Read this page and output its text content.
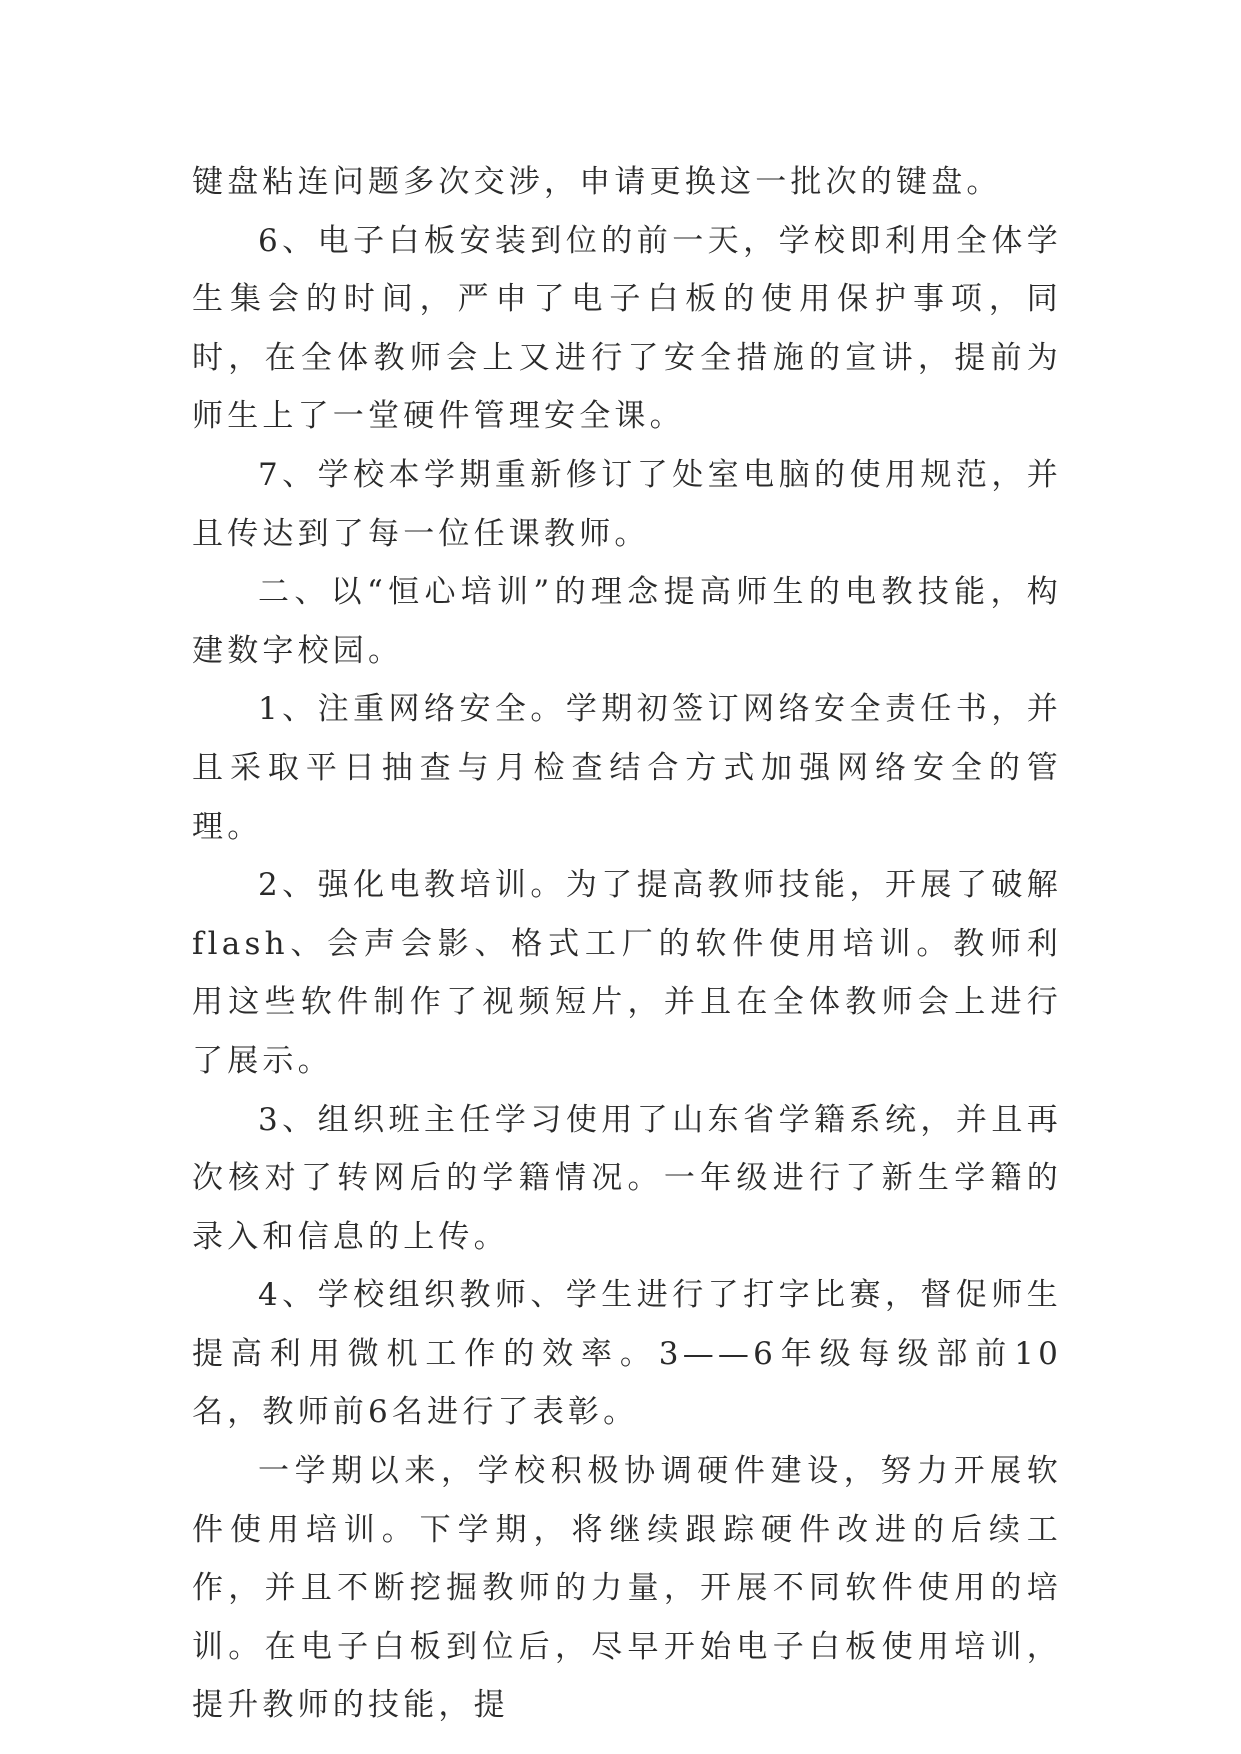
键盘粘连问题多次交涉，申请更换这一批次的键盘。

6、电子白板安装到位的前一天，学校即利用全体学生集会的时间，严申了电子白板的使用保护事项，同时，在全体教师会上又进行了安全措施的宣讲，提前为师生上了一堂硬件管理安全课。

7、学校本学期重新修订了处室电脑的使用规范，并且传达到了每一位任课教师。

二、以“恒心培训”的理念提高师生的电教技能，构建数字校园。

1、注重网络安全。学期初签订网络安全责任书，并且采取平日抽查与月检查结合方式加强网络安全的管理。

2、强化电教培训。为了提高教师技能，开展了破解flash、会声会影、格式工厂的软件使用培训。教师利用这些软件制作了视频短片，并且在全体教师会上进行了展示。

3、组织班主任学习使用了山东省学籍系统，并且再次核对了转网后的学籍情况。一年级进行了新生学籍的录入和信息的上传。

4、学校组织教师、学生进行了打字比赛，督促师生提高利用微机工作的效率。3——6年级每级部前10名，教师前6名进行了表彰。

一学期以来，学校积极协调硬件建设，努力开展软件使用培训。下学期，将继续跟踪硬件改进的后续工作，并且不断挖掘教师的力量，开展不同软件使用的培训。在电子白板到位后，尽早开始电子白板使用培训，提升教师的技能，提
